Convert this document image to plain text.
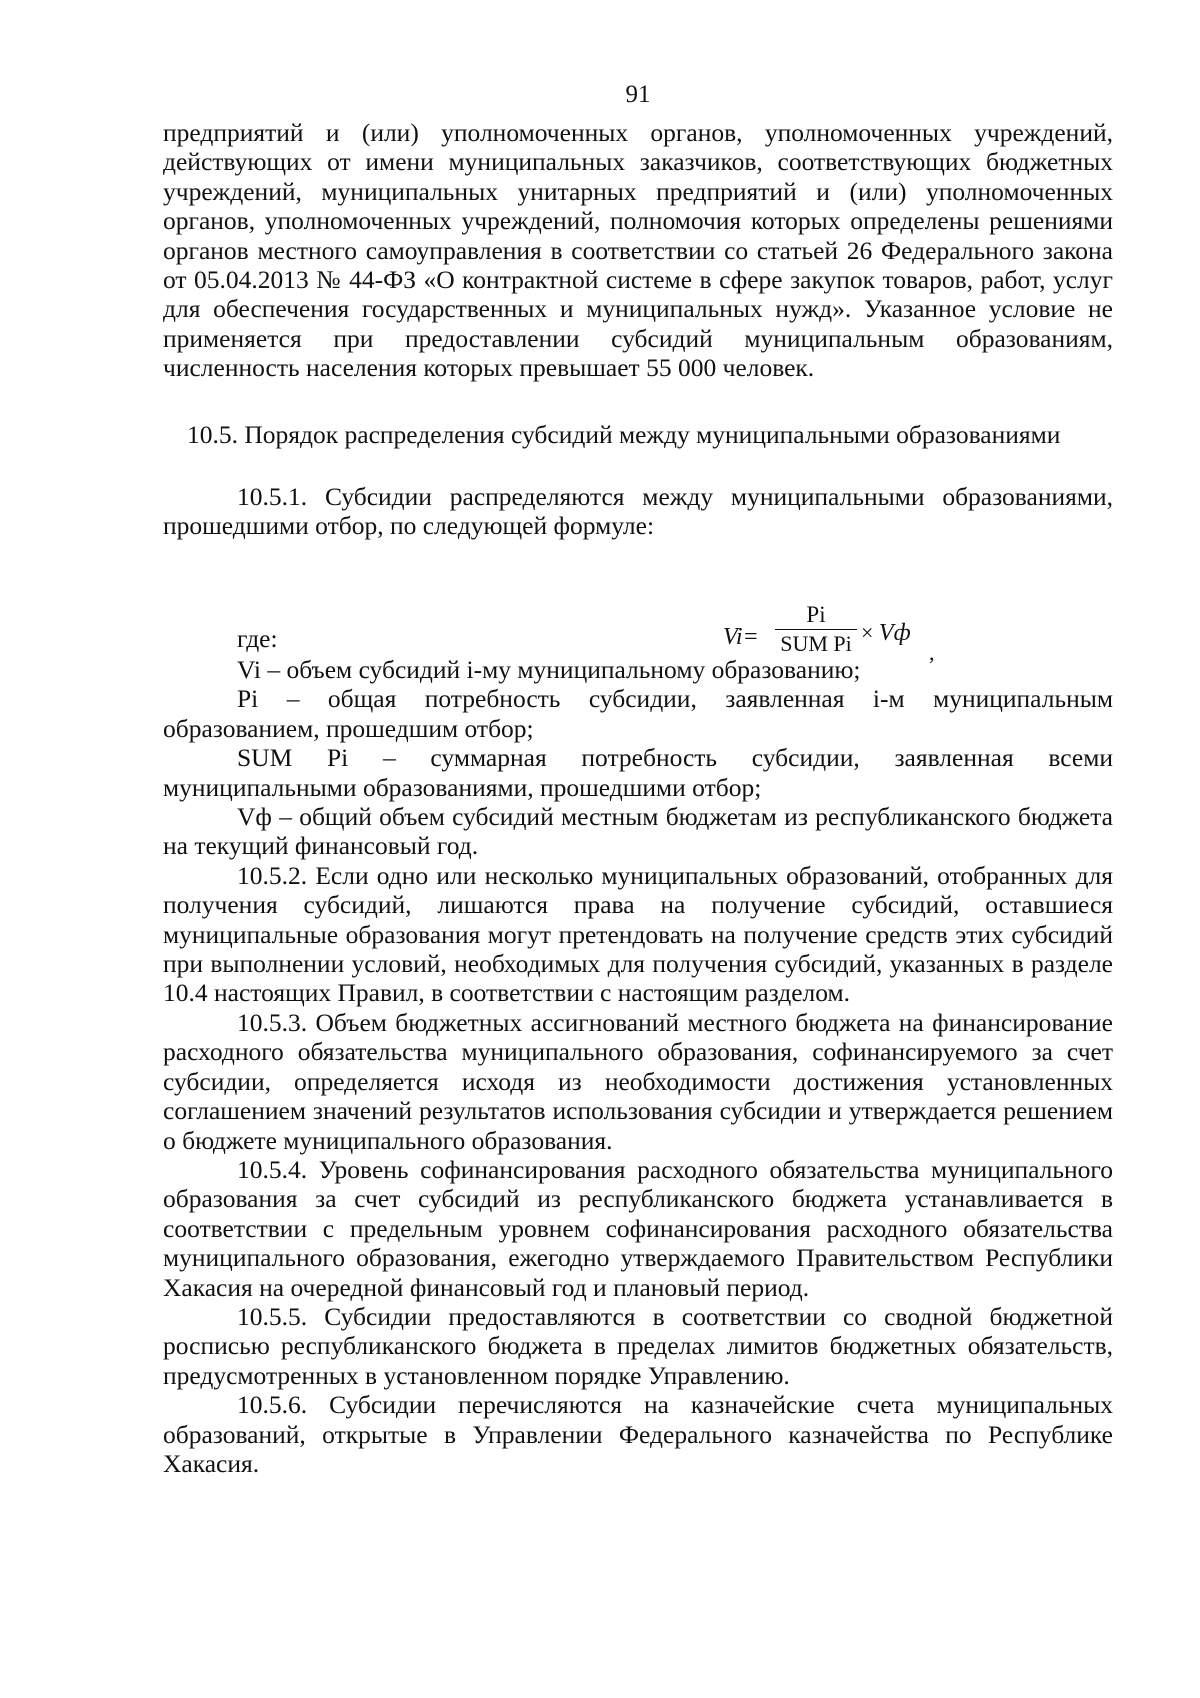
91

предприятий и (или) уполномоченных органов, уполномоченных учреждений, действующих от имени муниципальных заказчиков, соответствующих бюджетных учреждений, муниципальных унитарных предприятий и (или) уполномоченных органов, уполномоченных учреждений, полномочия которых определены решениями органов местного самоуправления в соответствии со статьей 26 Федерального закона от 05.04.2013 № 44-ФЗ «О контрактной системе в сфере закупок товаров, работ, услуг для обеспечения государственных и муниципальных нужд». Указанное условие не применяется при предоставлении субсидий муниципальным образованиям, численность населения которых превышает 55 000 человек.

10.5. Порядок распределения субсидий между муниципальными образованиями

10.5.1. Субсидии распределяются между муниципальными образованиями, прошедшими отбор, по следующей формуле:

Vi=
Pi
SUM Pi × Vф
,

где:

Vi – объем субсидий i-му муниципальному образованию;

Pi – общая потребность субсидии, заявленная i-м муниципальным образованием, прошедшим отбор;

SUM Pi – суммарная потребность субсидии, заявленная всеми муниципальными образованиями, прошедшими отбор;

Vф – общий объем субсидий местным бюджетам из республиканского бюджета на текущий финансовый год.

10.5.2. Если одно или несколько муниципальных образований, отобранных для получения субсидий, лишаются права на получение субсидий, оставшиеся муниципальные образования могут претендовать на получение средств этих субсидий при выполнении условий, необходимых для получения субсидий, указанных в разделе 10.4 настоящих Правил, в соответствии с настоящим разделом.

10.5.3. Объем бюджетных ассигнований местного бюджета на финансирование расходного обязательства муниципального образования, софинансируемого за счет субсидии, определяется исходя из необходимости достижения установленных соглашением значений результатов использования субсидии и утверждается решением о бюджете муниципального образования.

10.5.4. Уровень софинансирования расходного обязательства муниципального образования за счет субсидий из республиканского бюджета устанавливается в соответствии с предельным уровнем софинансирования расходного обязательства муниципального образования, ежегодно утверждаемого Правительством Республики Хакасия на очередной финансовый год и плановый период.

10.5.5. Субсидии предоставляются в соответствии со сводной бюджетной росписью республиканского бюджета в пределах лимитов бюджетных обязательств, предусмотренных в установленном порядке Управлению.

10.5.6. Субсидии перечисляются на казначейские счета муниципальных образований, открытые в Управлении Федерального казначейства по Республике Хакасия.
